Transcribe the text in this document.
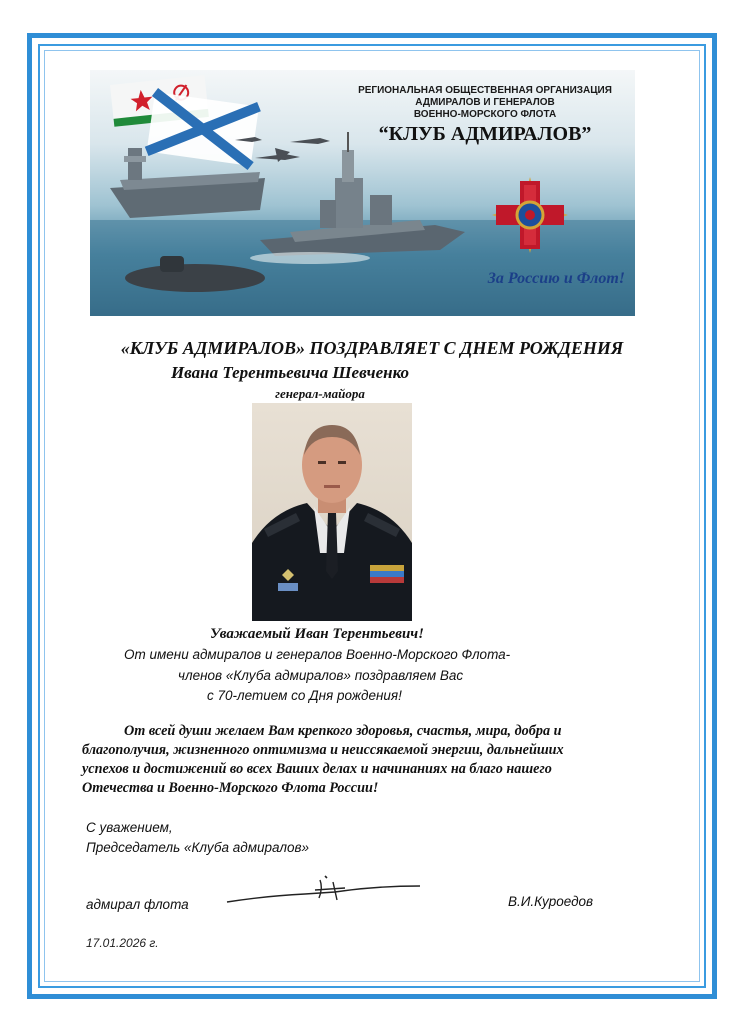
РЕГИОНАЛЬНАЯ ОБЩЕСТВЕННАЯ ОРГАНИЗАЦИЯ
АДМИРАЛОВ И ГЕНЕРАЛОВ
ВОЕННО-МОРСКОГО ФЛОТА
“КЛУБ АДМИРАЛОВ”
За Россию и Флот!
«КЛУБ АДМИРАЛОВ» ПОЗДРАВЛЯЕТ С ДНЕМ РОЖДЕНИЯ
Ивана Терентьевича Шевченко
генерал-майора
Уважаемый Иван Терентьевич!
От имени адмиралов и генералов Военно-Морского Флота-
членов «Клуба адмиралов» поздравляем Вас
с 70-летием со Дня рождения!

От всей души желаем Вам крепкого здоровья, счастья, мира, добра и

благополучия, жизненного оптимизма и неиссякаемой энергии, дальнейших

успехов и достижений во всех Ваших делах и начинаниях на благо нашего

Отечества и Военно-Морского Флота России!

С уважением,
Председатель «Клуба адмиралов»
адмирал флота	В.И.Куроедов
17.01.2026 г.
